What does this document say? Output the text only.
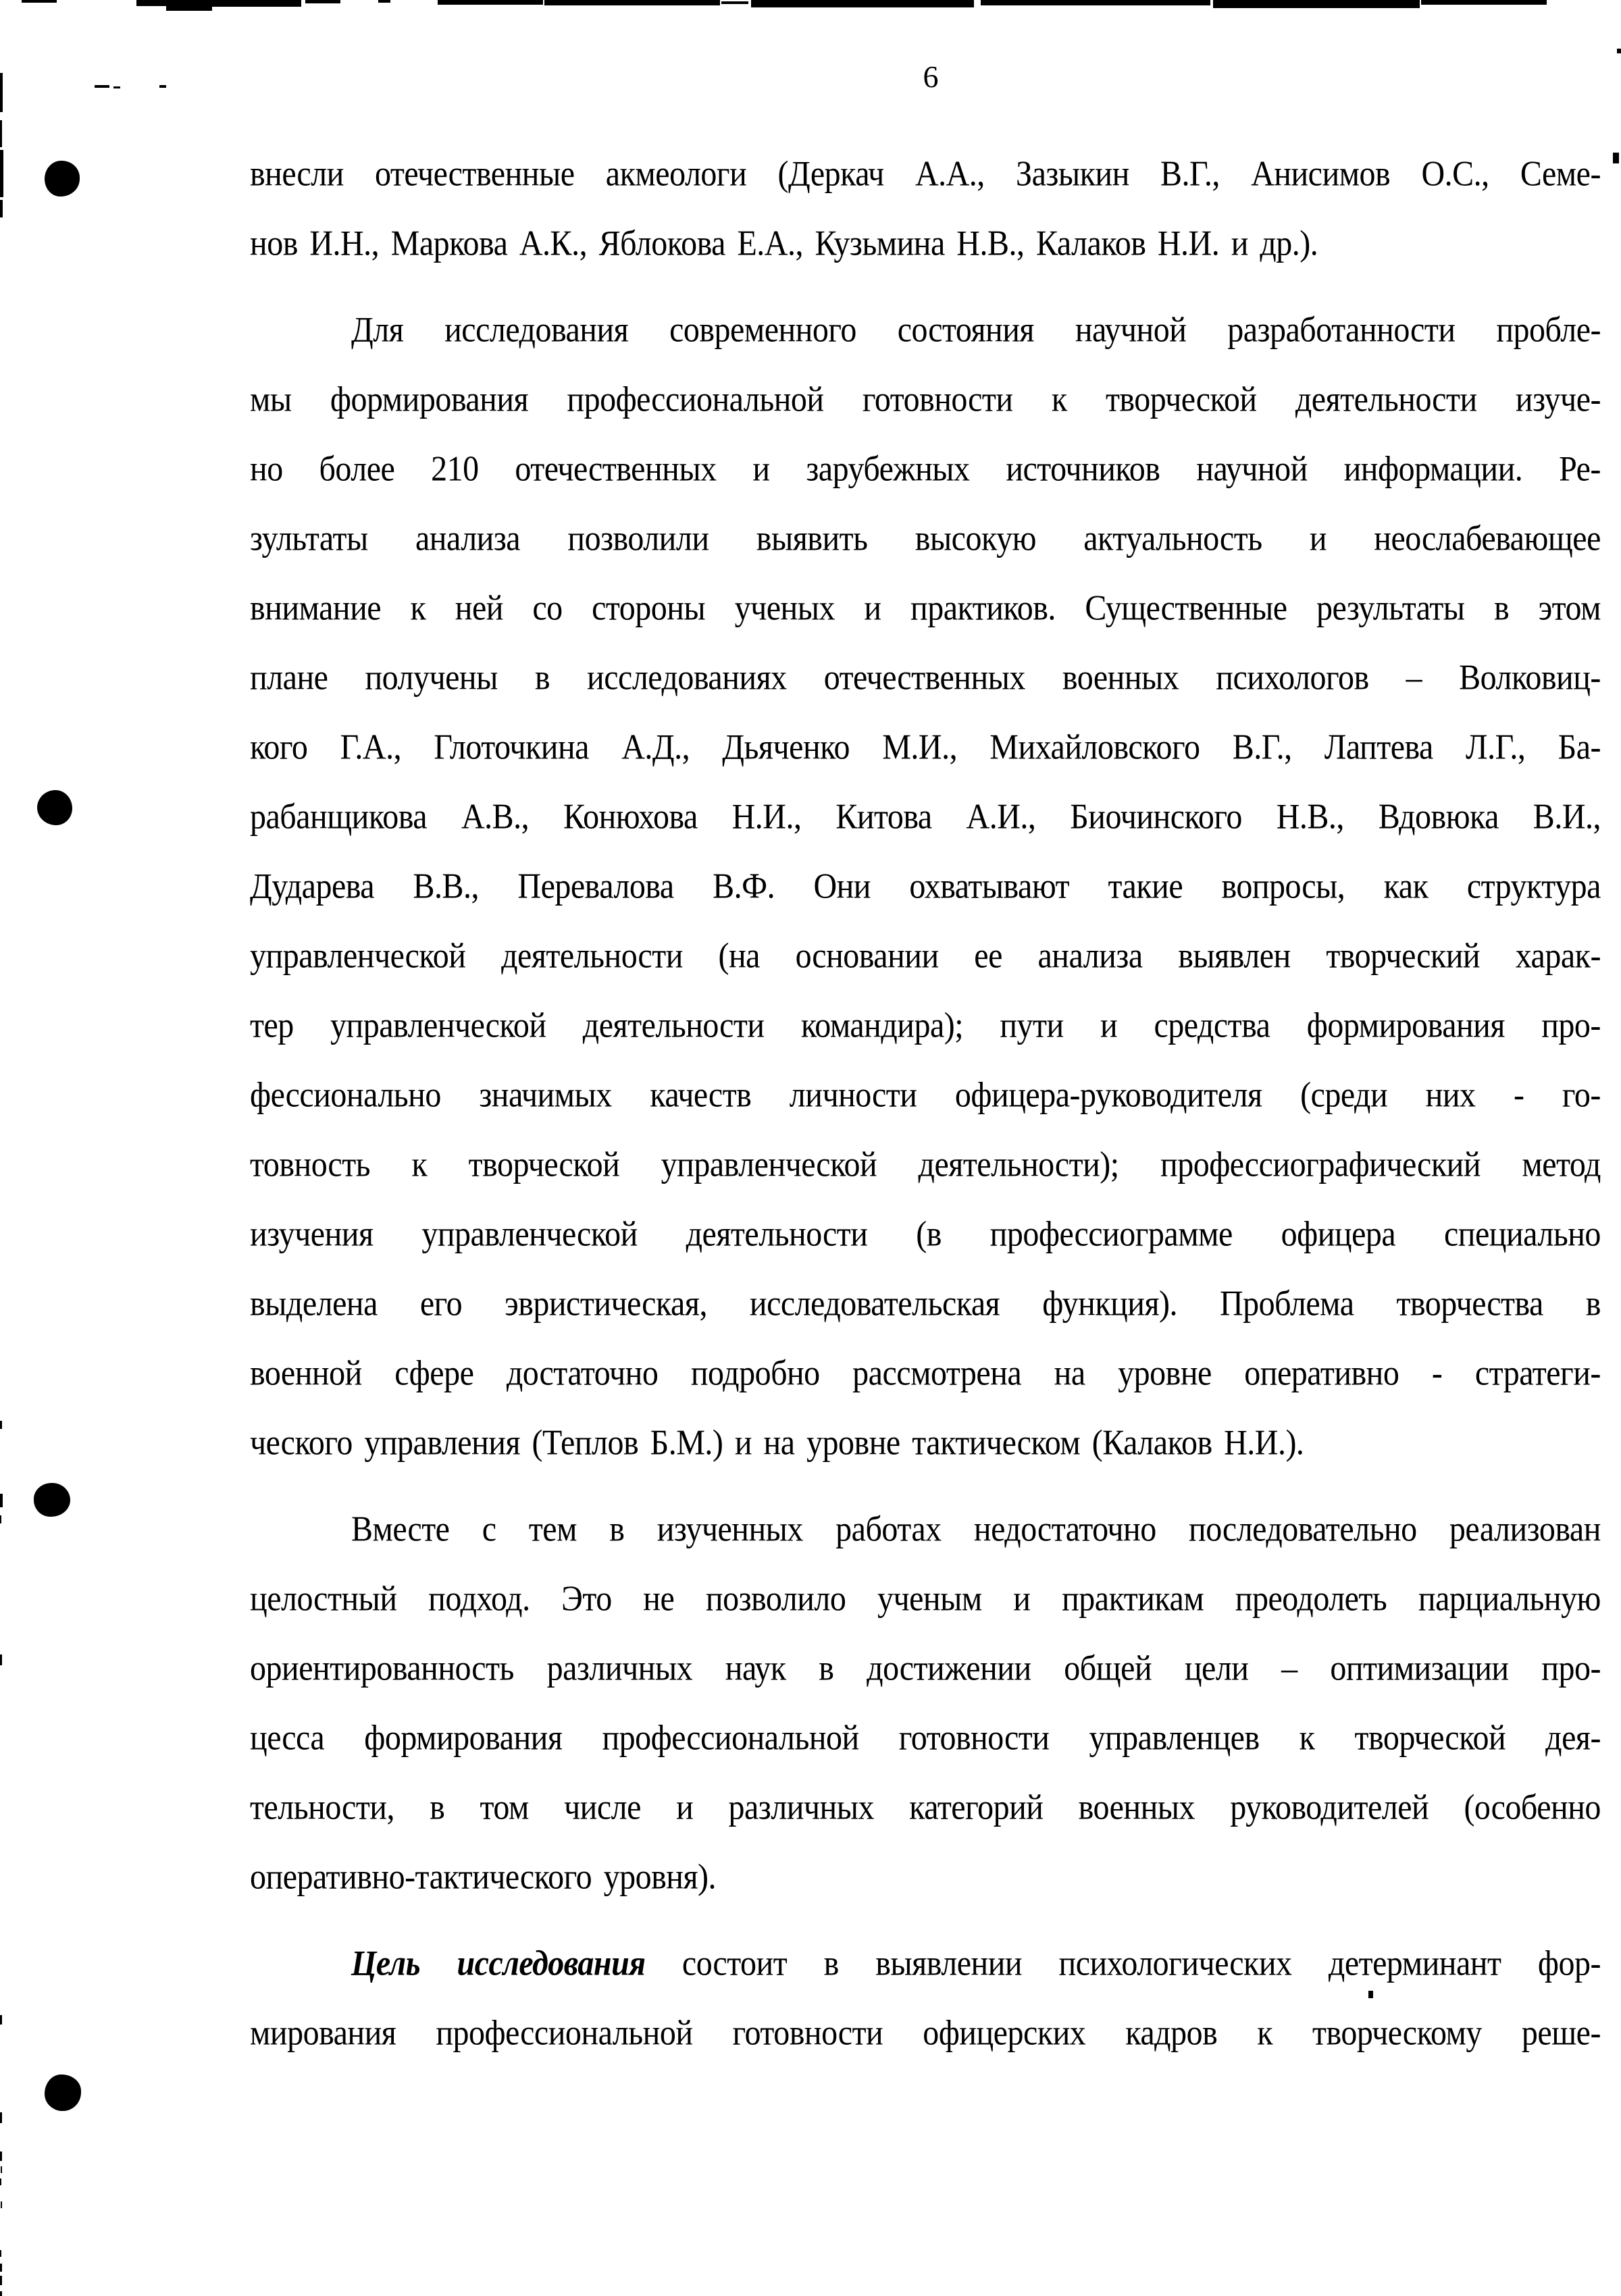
6
внесли отечественные акмеологи (Деркач А.А., Зазыкин В.Г., Анисимов О.С., Семе-
нов И.Н., Маркова А.К., Яблокова Е.А., Кузьмина Н.В., Калаков Н.И. и др.).
Для исследования современного состояния научной разработанности пробле-
мы формирования профессиональной готовности к творческой деятельности изуче-
но более 210 отечественных и зарубежных источников научной информации. Ре-
зультаты анализа позволили выявить высокую актуальность и неослабевающее
внимание к ней со стороны ученых и практиков. Существенные результаты в этом
плане получены в исследованиях отечественных военных психологов – Волковиц-
кого Г.А., Глоточкина А.Д., Дьяченко М.И., Михайловского В.Г., Лаптева Л.Г., Ба-
рабанщикова А.В., Конюхова Н.И., Китова А.И., Биочинского Н.В., Вдовюка В.И.,
Дударева В.В., Перевалова В.Ф. Они охватывают такие вопросы, как структура
управленческой деятельности (на основании ее анализа выявлен творческий харак-
тер управленческой деятельности командира); пути и средства формирования про-
фессионально значимых качеств личности офицера-руководителя (среди них - го-
товность к творческой управленческой деятельности); профессиографический метод
изучения управленческой деятельности (в профессиограмме офицера специально
выделена его эвристическая, исследовательская функция). Проблема творчества в
военной сфере достаточно подробно рассмотрена на уровне оперативно - стратеги-
ческого управления (Теплов Б.М.) и на уровне тактическом (Калаков Н.И.).
Вместе с тем в изученных работах недостаточно последовательно реализован
целостный подход. Это не позволило ученым и практикам преодолеть парциальную
ориентированность различных наук в достижении общей цели – оптимизации про-
цесса формирования профессиональной готовности управленцев к творческой дея-
тельности, в том числе и различных категорий военных руководителей (особенно
оперативно-тактического уровня).
Цель исследования состоит в выявлении психологических детерминант фор-
мирования профессиональной готовности офицерских кадров к творческому реше-
